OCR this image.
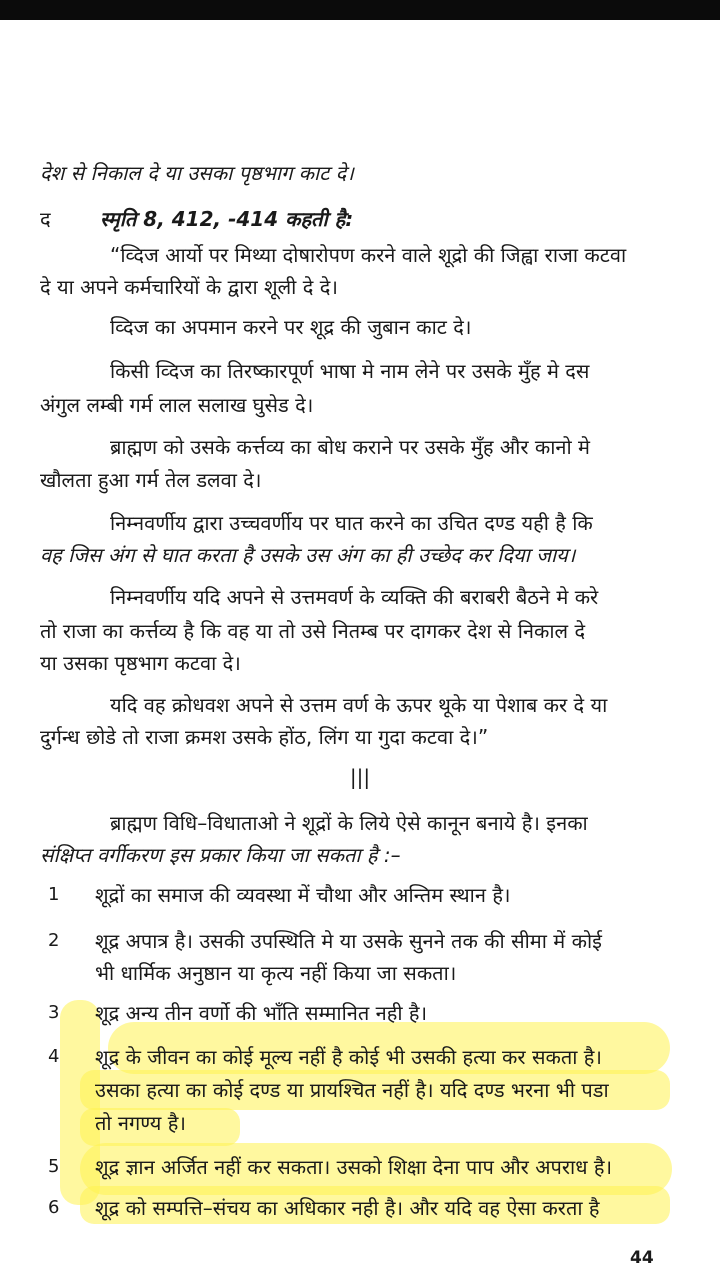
देश से निकाल दे या उसका पृष्ठभाग काट दे।
द स्मृति 8, 412, -414 कहती है:
“व्दिज आर्यो पर मिथ्या दोषारोपण करने वाले शूद्रो की जिह्वा राजा कटवा
दे या अपने कर्मचारियों के द्वारा शूली दे दे।
व्दिज का अपमान करने पर शूद्र की जुबान काट दे।
किसी व्दिज का तिरष्कारपूर्ण भाषा मे नाम लेने पर उसके मुँह मे दस
अंगुल लम्बी गर्म लाल सलाख घुसेड दे।
ब्राह्मण को उसके कर्त्तव्य का बोध कराने पर उसके मुँह और कानो मे
खौलता हुआ गर्म तेल डलवा दे।
निम्नवर्णीय द्वारा उच्चवर्णीय पर घात करने का उचित दण्ड यही है कि
वह जिस अंग से घात करता है उसके उस अंग का ही उच्छेद कर दिया जाय।
निम्नवर्णीय यदि अपने से उत्तमवर्ण के व्यक्ति की बराबरी बैठने मे करे
तो राजा का कर्त्तव्य है कि वह या तो उसे नितम्ब पर दागकर देश से निकाल दे
या उसका पृष्ठभाग कटवा दे।
यदि वह क्रोधवश अपने से उत्तम वर्ण के ऊपर थूके या पेशाब कर दे या
दुर्गन्ध छोडे तो राजा क्रमश उसके होंठ, लिंग या गुदा कटवा दे।”
|||
ब्राह्मण विधि–विधाताओ ने शूद्रों के लिये ऐसे कानून बनाये है। इनका
संक्षिप्त वर्गीकरण इस प्रकार किया जा सकता है :–
1 शूद्रों का समाज की व्यवस्था में चौथा और अन्तिम स्थान है।
2 शूद्र अपात्र है। उसकी उपस्थिति मे या उसके सुनने तक की सीमा में कोई
भी धार्मिक अनुष्ठान या कृत्य नहीं किया जा सकता।
3 शूद्र अन्य तीन वर्णो की भाँति सम्मानित नही है।
4 शूद्र के जीवन का कोई मूल्य नहीं है कोई भी उसकी हत्या कर सकता है।
उसका हत्या का कोई दण्ड या प्रायश्चित नहीं है। यदि दण्ड भरना भी पडा
तो नगण्य है।
5 शूद्र ज्ञान अर्जित नहीं कर सकता। उसको शिक्षा देना पाप और अपराध है।
6 शूद्र को सम्पत्ति–संचय का अधिकार नही है। और यदि वह ऐसा करता है
44
